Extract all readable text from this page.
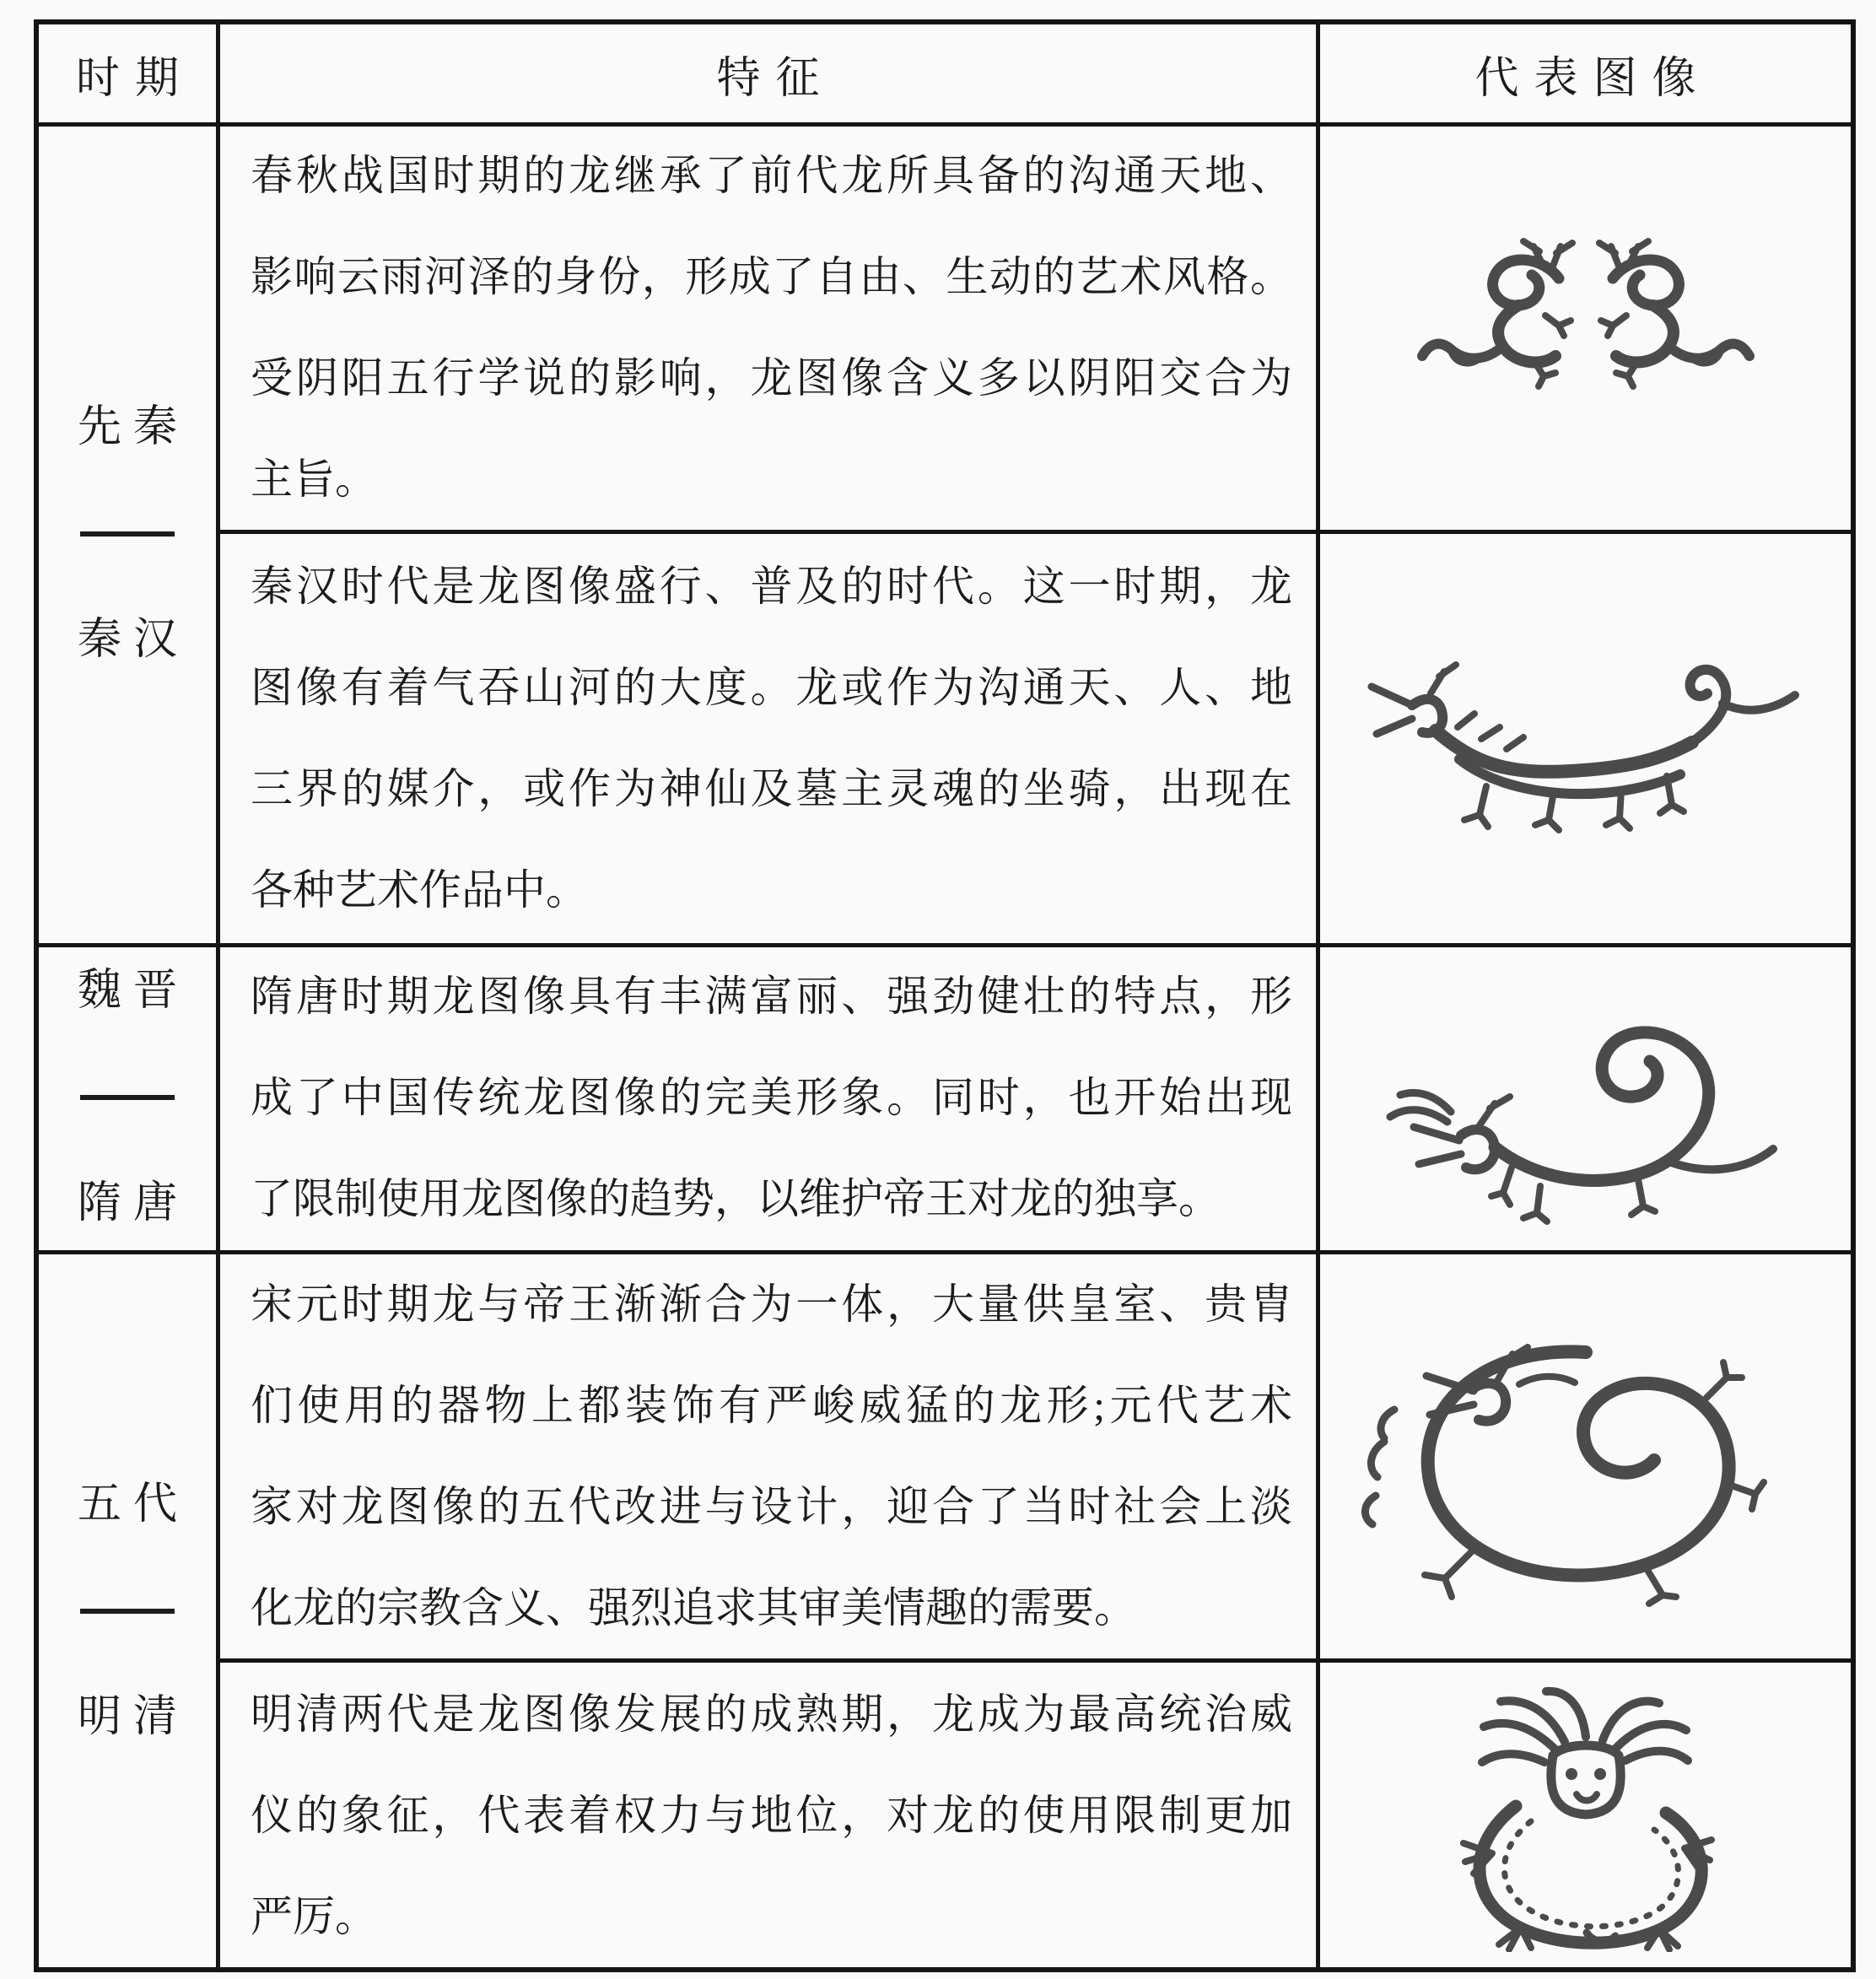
时期	特征	代表图像
先秦
秦汉
魏晋
隋唐
五代
明清
春秋战国时期的龙继承了前代龙所具备的沟通天地、
影响云雨河泽的身份，形成了自由、生动的艺术风格。
受阴阳五行学说的影响，龙图像含义多以阴阳交合为
主旨。
秦汉时代是龙图像盛行、普及的时代。这一时期，龙
图像有着气吞山河的大度。龙或作为沟通天、人、地
三界的媒介，或作为神仙及墓主灵魂的坐骑，出现在
各种艺术作品中。
隋唐时期龙图像具有丰满富丽、强劲健壮的特点，形
成了中国传统龙图像的完美形象。同时，也开始出现
了限制使用龙图像的趋势，以维护帝王对龙的独享。
宋元时期龙与帝王渐渐合为一体，大量供皇室、贵胄
们使用的器物上都装饰有严峻威猛的龙形;元代艺术
家对龙图像的五代改进与设计，迎合了当时社会上淡
化龙的宗教含义、强烈追求其审美情趣的需要。
明清两代是龙图像发展的成熟期，龙成为最高统治威
仪的象征，代表着权力与地位，对龙的使用限制更加
严厉。
